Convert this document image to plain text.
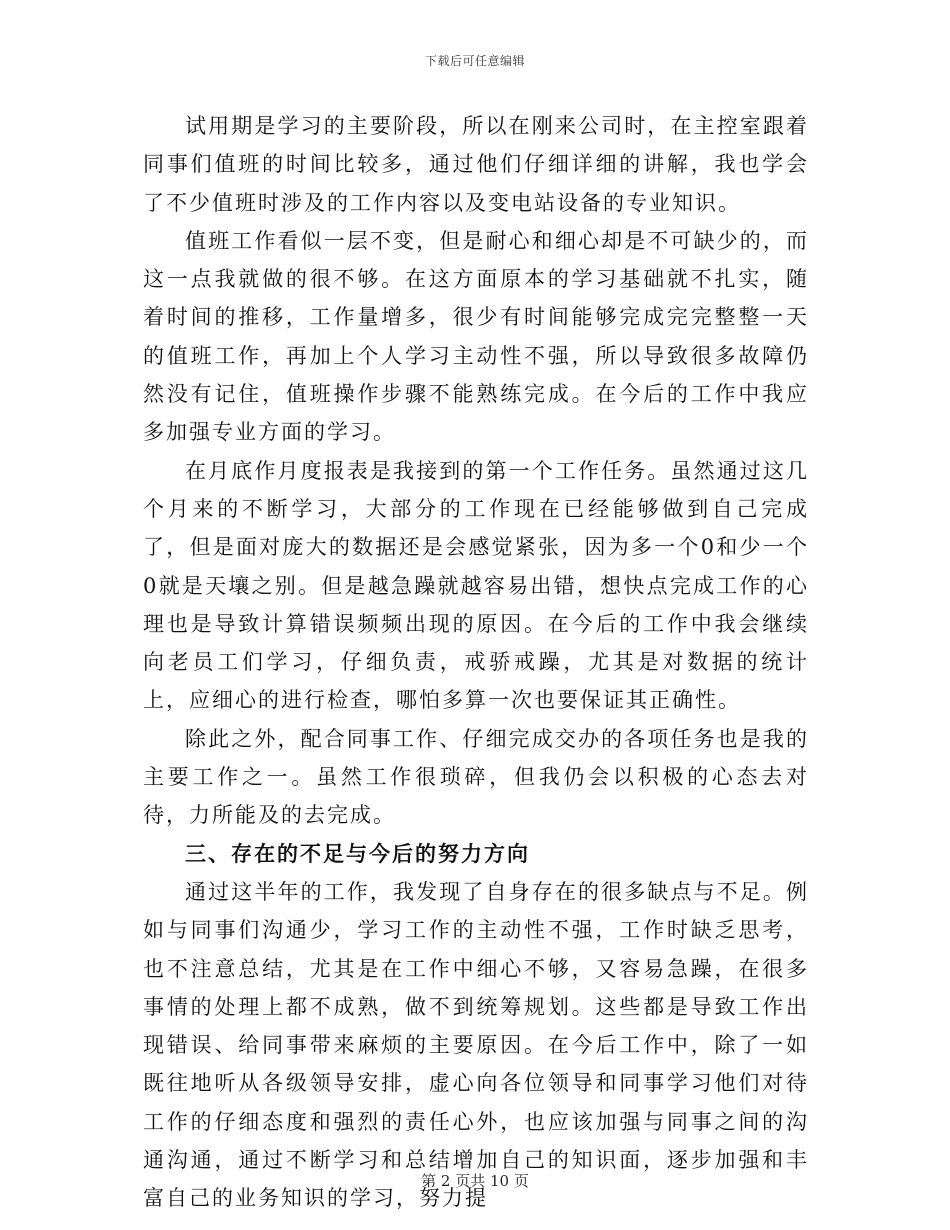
下载后可任意编辑

试用期是学习的主要阶段，所以在刚来公司时，在主控室跟着同事们值班的时间比较多，通过他们仔细详细的讲解，我也学会了不少值班时涉及的工作内容以及变电站设备的专业知识。

值班工作看似一层不变，但是耐心和细心却是不可缺少的，而这一点我就做的很不够。在这方面原本的学习基础就不扎实，随着时间的推移，工作量增多，很少有时间能够完成完完整整一天的值班工作，再加上个人学习主动性不强，所以导致很多故障仍然没有记住，值班操作步骤不能熟练完成。在今后的工作中我应多加强专业方面的学习。

在月底作月度报表是我接到的第一个工作任务。虽然通过这几个月来的不断学习，大部分的工作现在已经能够做到自己完成了，但是面对庞大的数据还是会感觉紧张，因为多一个0和少一个0就是天壤之别。但是越急躁就越容易出错，想快点完成工作的心理也是导致计算错误频频出现的原因。在今后的工作中我会继续向老员工们学习，仔细负责，戒骄戒躁，尤其是对数据的统计上，应细心的进行检查，哪怕多算一次也要保证其正确性。

除此之外，配合同事工作、仔细完成交办的各项任务也是我的主要工作之一。虽然工作很琐碎，但我仍会以积极的心态去对待，力所能及的去完成。

三、存在的不足与今后的努力方向

通过这半年的工作，我发现了自身存在的很多缺点与不足。例如与同事们沟通少，学习工作的主动性不强，工作时缺乏思考，也不注意总结，尤其是在工作中细心不够，又容易急躁，在很多事情的处理上都不成熟，做不到统筹规划。这些都是导致工作出现错误、给同事带来麻烦的主要原因。在今后工作中，除了一如既往地听从各级领导安排，虚心向各位领导和同事学习他们对待工作的仔细态度和强烈的责任心外，也应该加强与同事之间的沟通沟通，通过不断学习和总结增加自己的知识面，逐步加强和丰富自己的业务知识的学习，努力提

第 2 页共 10 页
